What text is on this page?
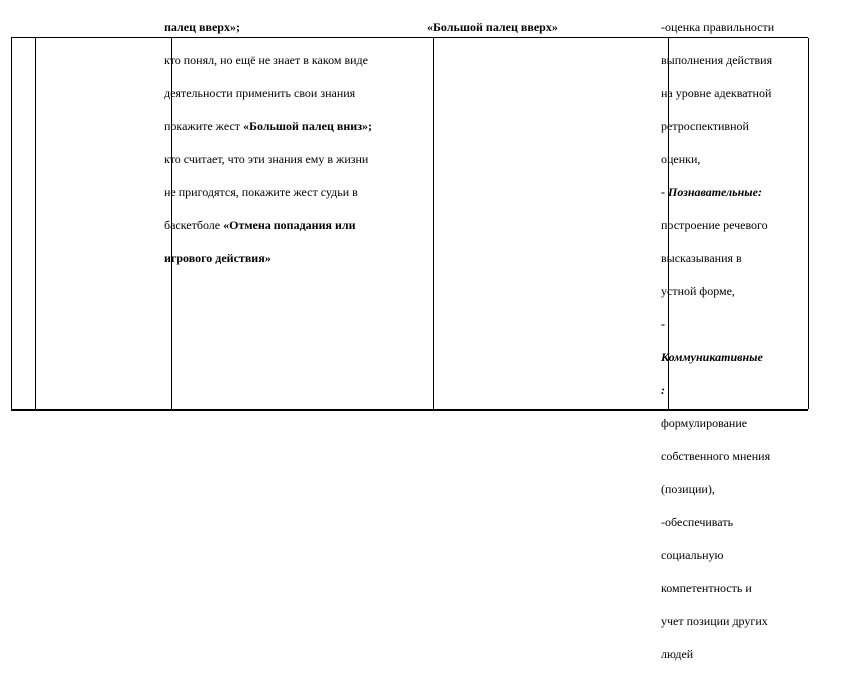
палец вверх»;

кто понял, но ещё не знает в каком виде

деятельности применить свои знания

покажите жест «Большой палец вниз»;

кто считает, что эти знания ему в жизни

не пригодятся, покажите жест судьи в

баскетболе «Отмена попадания или

игрового действия»

«Большой палец вверх»	-оценка правильности

выполнения действия

на уровне адекватной

ретроспективной

оценки,

- Познавательные:

построение речевого

высказывания в

устной форме,

-

Коммуникативные

:

формулирование

собственного мнения

(позиции),

-обеспечивать

социальную

компетентность и

учет позиции других

людей
